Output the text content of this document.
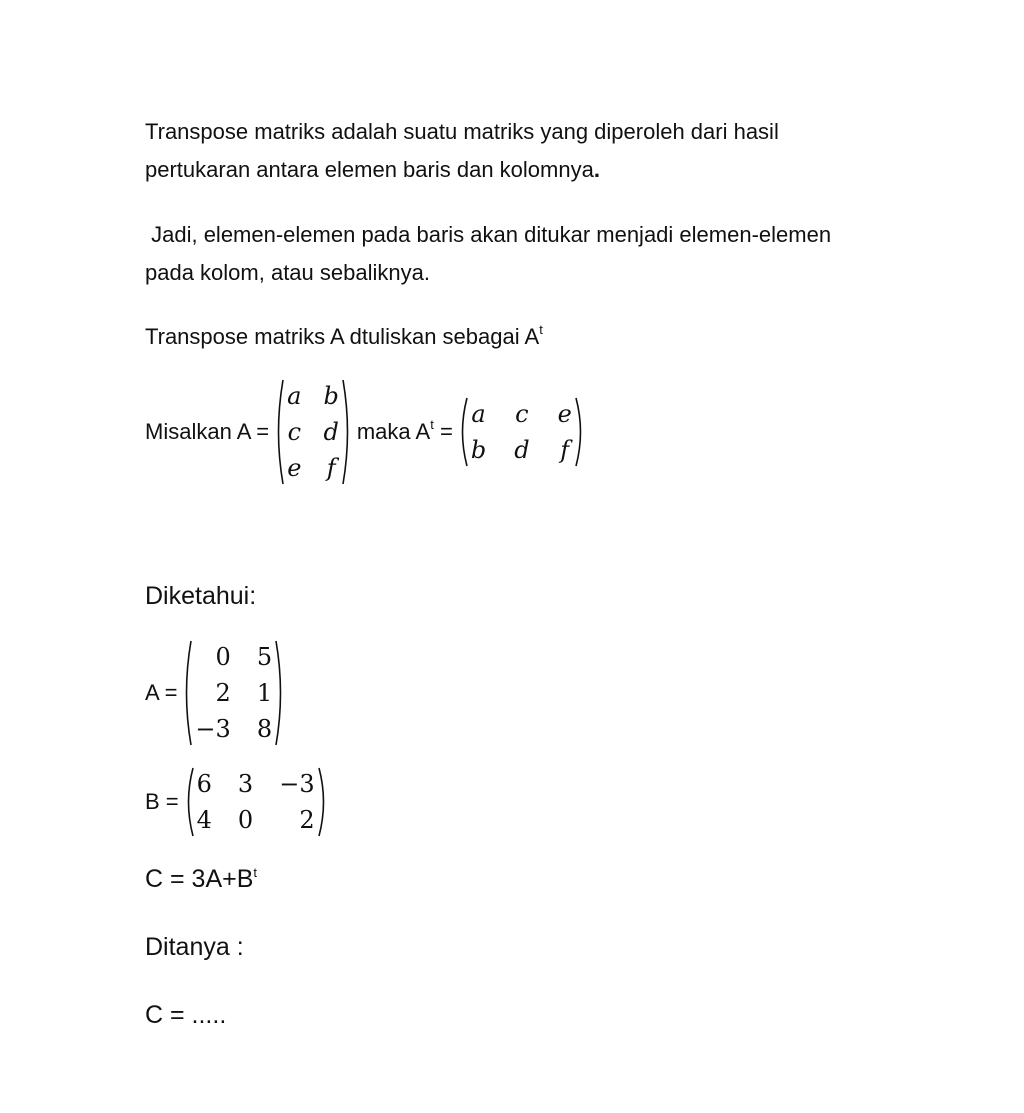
Transpose matriks adalah suatu matriks yang diperoleh dari hasil
pertukaran antara elemen baris dan kolomnya.
Jadi, elemen-elemen pada baris akan ditukar menjadi elemen-elemen
pada kolom, atau sebaliknya.
Transpose matriks A dtuliskan sebagai $A^t$
Misalkan A =
a b
c d
e f
maka $A^t$ =
a c e
b d f
Diketahui:
A =
0 5
2 1
−3 8
B =
6 3 −3
4 0	2
$C = 3A+B^t$
Ditanya :
C = .....
